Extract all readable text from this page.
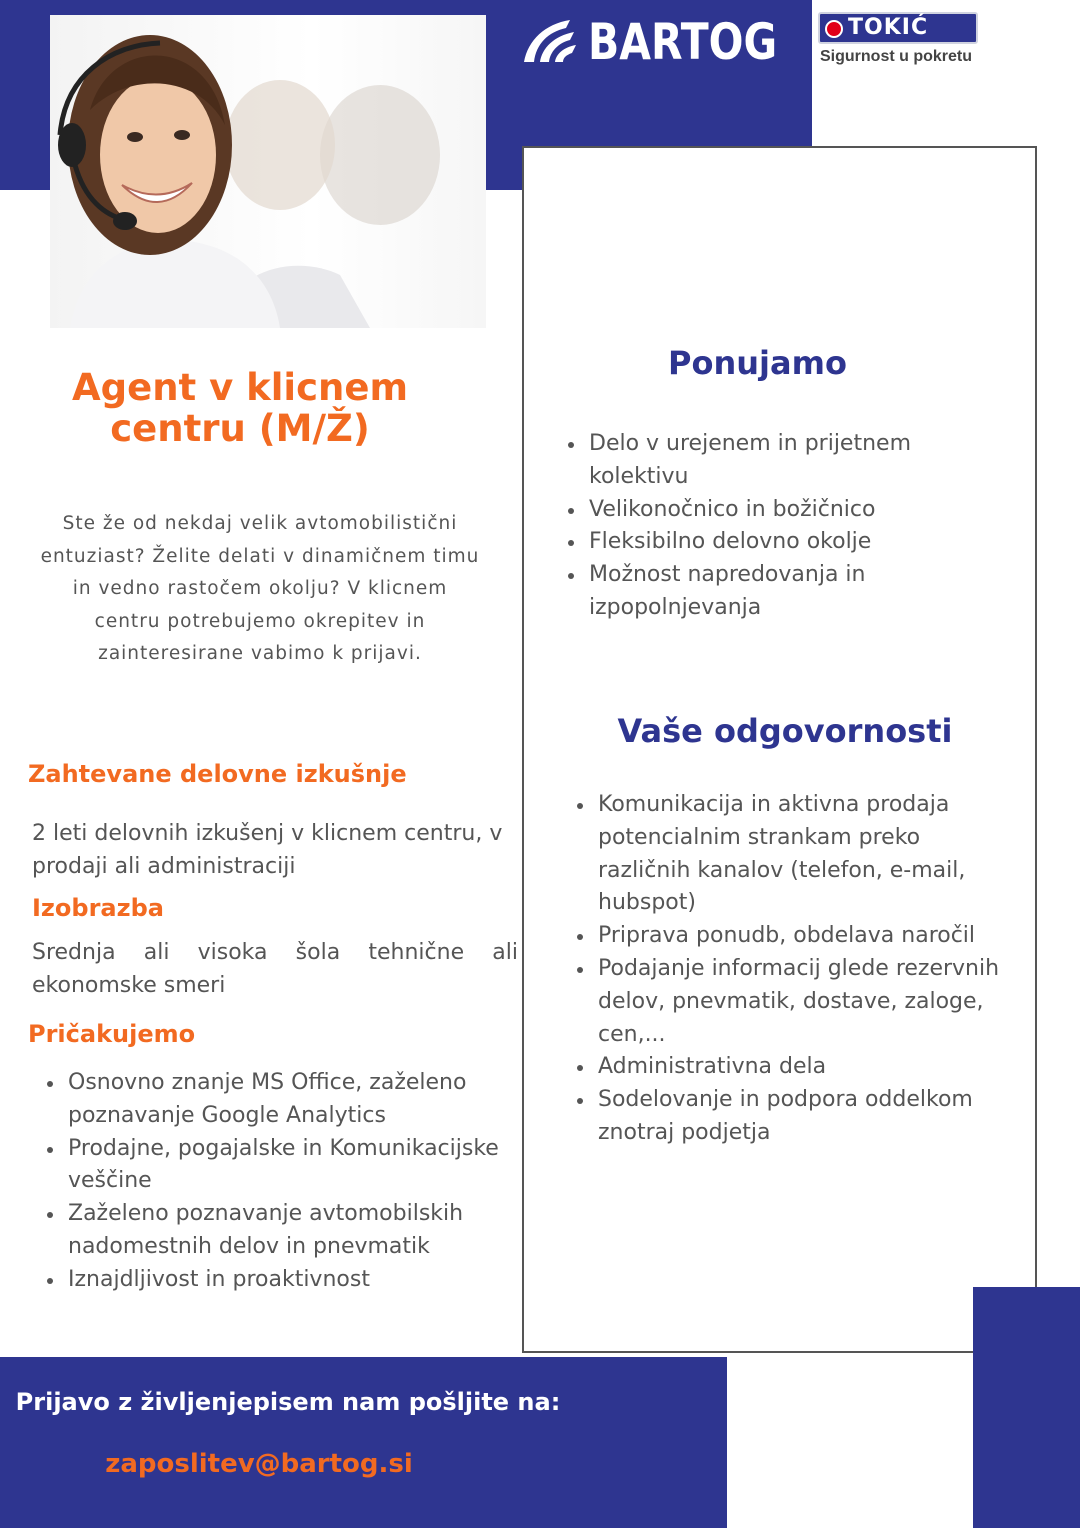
BARTOG	TOKIĆ
Sigurnost u pokretu
Agent v klicnem centru (M/Ž)
Ste že od nekdaj velik avtomobilistični entuziast? Želite delati v dinamičnem timu in vedno rastočem okolju? V klicnem centru potrebujemo okrepitev in zainteresirane vabimo k prijavi.
Zahtevane delovne izkušnje
2 leti delovnih izkušenj v klicnem centru, v prodaji ali administraciji
Izobrazba
Srednja ali visoka šola tehnične ali ekonomske smeri
Pričakujemo
Osnovno znanje MS Office, zaželeno poznavanje Google Analytics
Prodajne, pogajalske in Komunikacijske veščine
Zaželeno poznavanje avtomobilskih nadomestnih delov in pnevmatik
Iznajdljivost in proaktivnost
Ponujamo
Delo v urejenem in prijetnem kolektivu
Velikonočnico in božičnico
Fleksibilno delovno okolje
Možnost napredovanja in izpopolnjevanja
Vaše odgovornosti
Komunikacija in aktivna prodaja potencialnim strankam preko različnih kanalov (telefon, e-mail, hubspot)
Priprava ponudb, obdelava naročil
Podajanje informacij glede rezervnih delov, pnevmatik, dostave, zaloge, cen,...
Administrativna dela
Sodelovanje in podpora oddelkom znotraj podjetja
Prijavo z življenjepisem nam pošljite na:
zaposlitev@bartog.si
